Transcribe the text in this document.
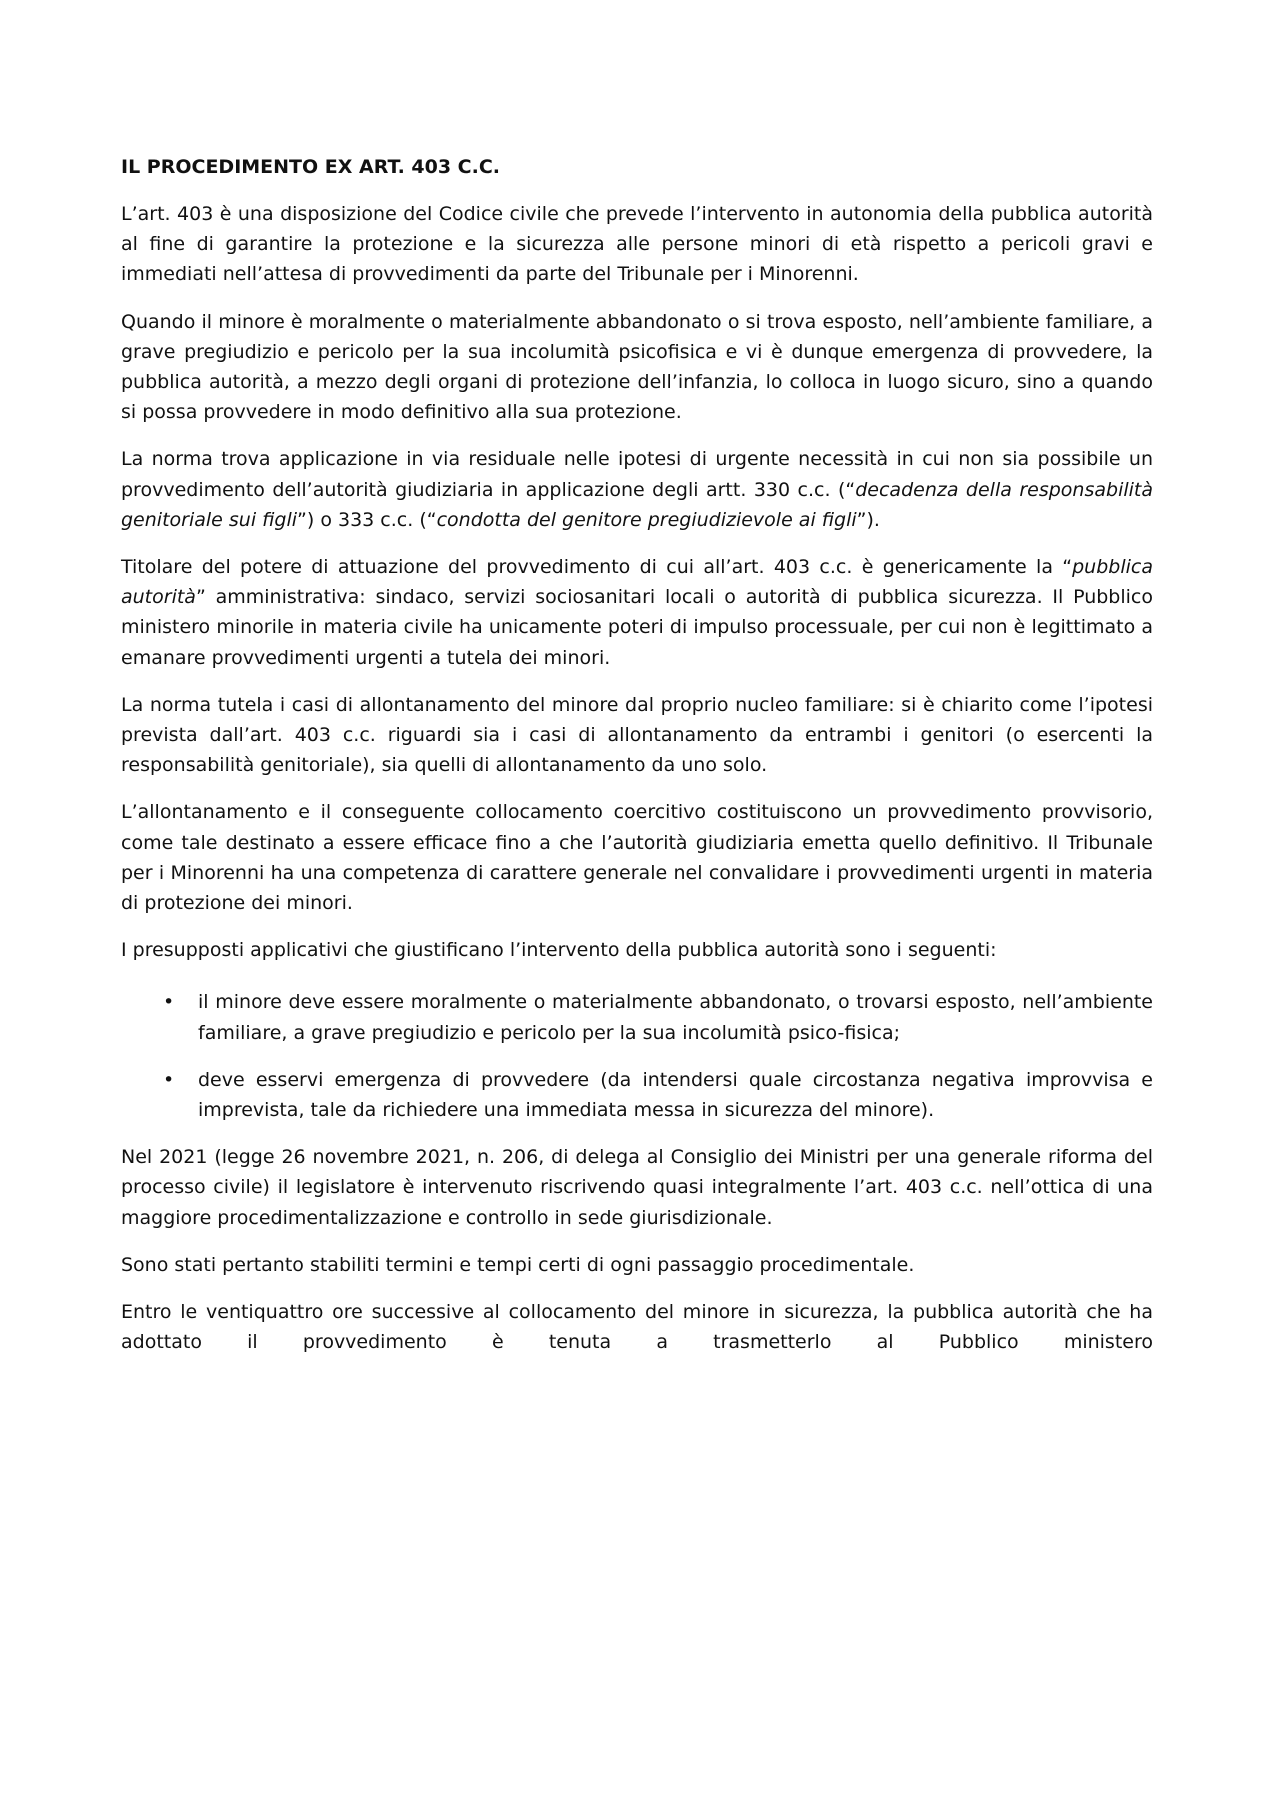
IL PROCEDIMENTO EX ART. 403 C.C.

L’art. 403 è una disposizione del Codice civile che prevede l’intervento in autonomia della pubblica autorità al fine di garantire la protezione e la sicurezza alle persone minori di età rispetto a pericoli gravi e immediati nell’attesa di provvedimenti da parte del Tribunale per i Minorenni.

Quando il minore è moralmente o materialmente abbandonato o si trova esposto, nell’ambiente familiare, a grave pregiudizio e pericolo per la sua incolumità psicofisica e vi è dunque emergenza di provvedere, la pubblica autorità, a mezzo degli organi di protezione dell’infanzia, lo colloca in luogo sicuro, sino a quando si possa provvedere in modo definitivo alla sua protezione.

La norma trova applicazione in via residuale nelle ipotesi di urgente necessità in cui non sia possibile un provvedimento dell’autorità giudiziaria in applicazione degli artt. 330 c.c. (“decadenza della responsabilità genitoriale sui figli”) o 333 c.c. (“condotta del genitore pregiudizievole ai figli”).

Titolare del potere di attuazione del provvedimento di cui all’art. 403 c.c. è genericamente la “pubblica autorità” amministrativa: sindaco, servizi sociosanitari locali o autorità di pubblica sicurezza. Il Pubblico ministero minorile in materia civile ha unicamente poteri di impulso processuale, per cui non è legittimato a emanare provvedimenti urgenti a tutela dei minori.

La norma tutela i casi di allontanamento del minore dal proprio nucleo familiare: si è chiarito come l’ipotesi prevista dall’art. 403 c.c. riguardi sia i casi di allontanamento da entrambi i genitori (o esercenti la responsabilità genitoriale), sia quelli di allontanamento da uno solo.

L’allontanamento e il conseguente collocamento coercitivo costituiscono un provvedimento provvisorio, come tale destinato a essere efficace fino a che l’autorità giudiziaria emetta quello definitivo. Il Tribunale per i Minorenni ha una competenza di carattere generale nel convalidare i provvedimenti urgenti in materia di protezione dei minori.

I presupposti applicativi che giustificano l’intervento della pubblica autorità sono i seguenti:

• il minore deve essere moralmente o materialmente abbandonato, o trovarsi esposto, nell’ambiente familiare, a grave pregiudizio e pericolo per la sua incolumità psico-fisica;
• deve esservi emergenza di provvedere (da intendersi quale circostanza negativa improvvisa e imprevista, tale da richiedere una immediata messa in sicurezza del minore).

Nel 2021 (legge 26 novembre 2021, n. 206, di delega al Consiglio dei Ministri per una generale riforma del processo civile) il legislatore è intervenuto riscrivendo quasi integralmente l’art. 403 c.c. nell’ottica di una maggiore procedimentalizzazione e controllo in sede giurisdizionale.

Sono stati pertanto stabiliti termini e tempi certi di ogni passaggio procedimentale.

Entro le ventiquattro ore successive al collocamento del minore in sicurezza, la pubblica autorità che ha adottato il provvedimento è tenuta a trasmetterlo al Pubblico ministero
